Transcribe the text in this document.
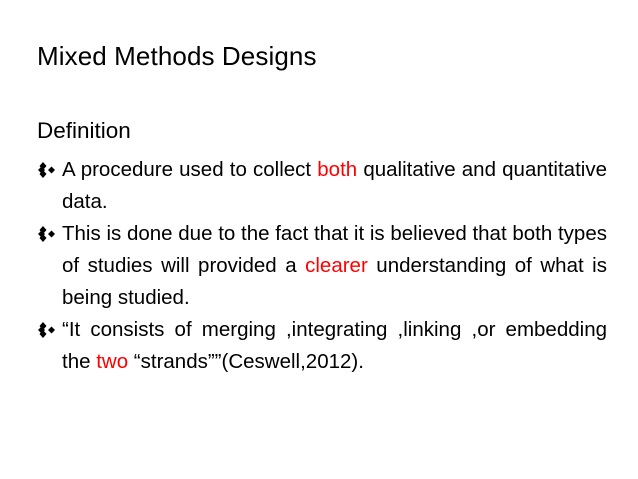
Mixed Methods Designs
Definition
A procedure used to collect both qualitative and quantitative data.
This is done due to the fact that it is believed that both types of studies will provided a clearer understanding of what is being studied.
“It consists of merging ,integrating ,linking ,or embedding the two “strands””(Ceswell,2012).
